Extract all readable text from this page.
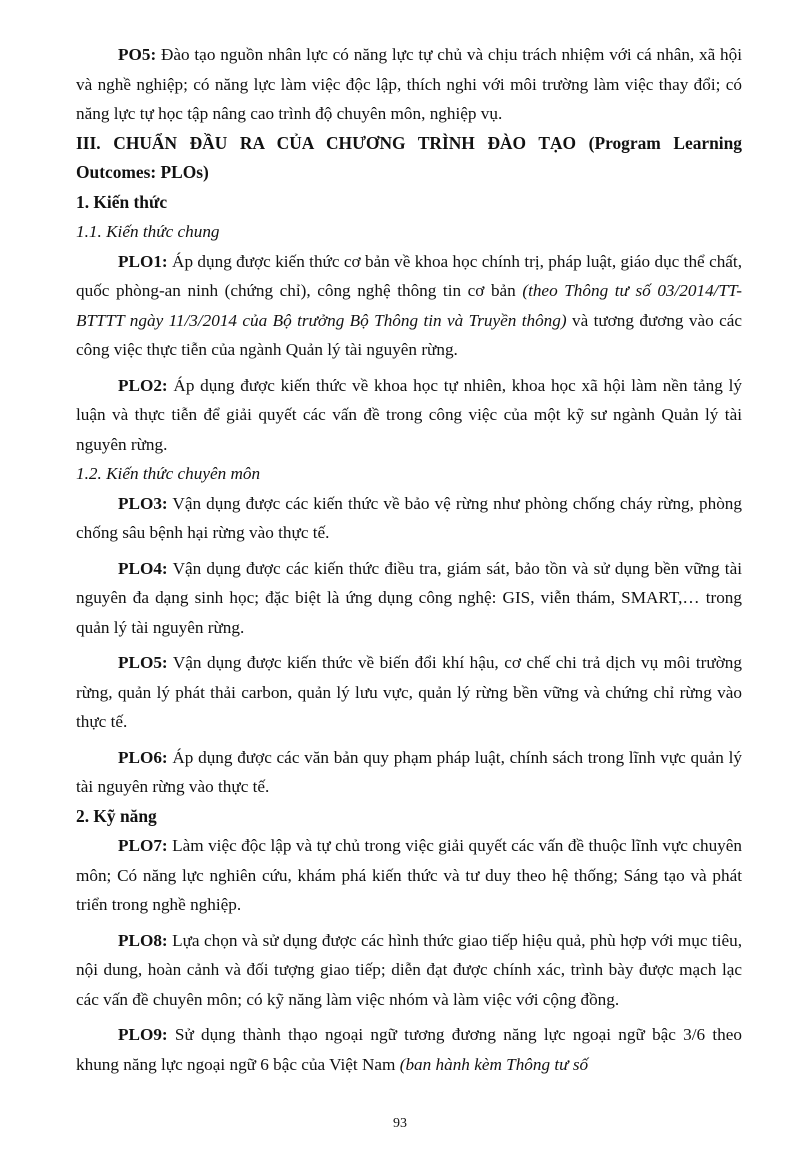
PO5: Đào tạo nguồn nhân lực có năng lực tự chủ và chịu trách nhiệm với cá nhân, xã hội và nghề nghiệp; có năng lực làm việc độc lập, thích nghi với môi trường làm việc thay đổi; có năng lực tự học tập nâng cao trình độ chuyên môn, nghiệp vụ.

III. CHUẨN ĐẦU RA CỦA CHƯƠNG TRÌNH ĐÀO TẠO (Program Learning Outcomes: PLOs)

1. Kiến thức

1.1. Kiến thức chung

PLO1: Áp dụng được kiến thức cơ bản về khoa học chính trị, pháp luật, giáo dục thể chất, quốc phòng-an ninh (chứng chỉ), công nghệ thông tin cơ bản (theo Thông tư số 03/2014/TT-BTTTT ngày 11/3/2014 của Bộ trưởng Bộ Thông tin và Truyền thông) và tương đương vào các công việc thực tiễn của ngành Quản lý tài nguyên rừng.

PLO2: Áp dụng được kiến thức về khoa học tự nhiên, khoa học xã hội làm nền tảng lý luận và thực tiễn để giải quyết các vấn đề trong công việc của một kỹ sư ngành Quản lý tài nguyên rừng.

1.2. Kiến thức chuyên môn

PLO3: Vận dụng được các kiến thức về bảo vệ rừng như phòng chống cháy rừng, phòng chống sâu bệnh hại rừng vào thực tế.

PLO4: Vận dụng được các kiến thức điều tra, giám sát, bảo tồn và sử dụng bền vững tài nguyên đa dạng sinh học; đặc biệt là ứng dụng công nghệ: GIS, viễn thám, SMART,… trong quản lý tài nguyên rừng.

PLO5: Vận dụng được kiến thức về biến đổi khí hậu, cơ chế chi trả dịch vụ môi trường rừng, quản lý phát thải carbon, quản lý lưu vực, quản lý rừng bền vững và chứng chỉ rừng vào thực tế.

PLO6: Áp dụng được các văn bản quy phạm pháp luật, chính sách trong lĩnh vực quản lý tài nguyên rừng vào thực tế.

2. Kỹ năng

PLO7: Làm việc độc lập và tự chủ trong việc giải quyết các vấn đề thuộc lĩnh vực chuyên môn; Có năng lực nghiên cứu, khám phá kiến thức và tư duy theo hệ thống; Sáng tạo và phát triển trong nghề nghiệp.

PLO8: Lựa chọn và sử dụng được các hình thức giao tiếp hiệu quả, phù hợp với mục tiêu, nội dung, hoàn cảnh và đối tượng giao tiếp; diễn đạt được chính xác, trình bày được mạch lạc các vấn đề chuyên môn; có kỹ năng làm việc nhóm và làm việc với cộng đồng.

PLO9: Sử dụng thành thạo ngoại ngữ tương đương năng lực ngoại ngữ bậc 3/6 theo khung năng lực ngoại ngữ 6 bậc của Việt Nam (ban hành kèm Thông tư số

93
